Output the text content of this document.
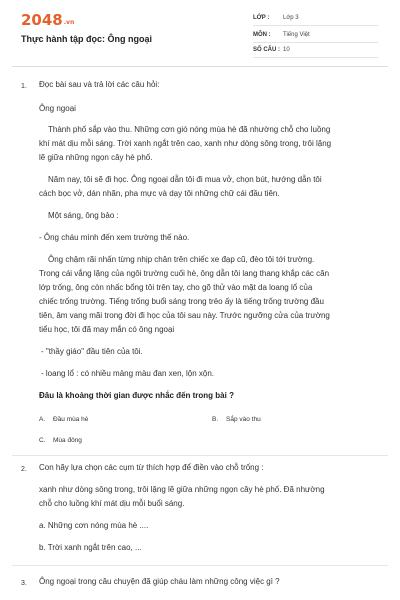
2048.vn
Thực hành tập đọc: Ông ngoại
LỚP : Lớp 3
MÔN : Tiếng Việt
SỐ CÂU : 10
1. Đọc bài sau và trả lời các câu hỏi:
Ông ngoại
Thành phố sắp vào thu. Những cơn gió nóng mùa hè đã nhường chỗ cho luồng
khí mát dịu mỗi sáng. Trời xanh ngắt trên cao, xanh như dòng sông trong, trôi lặng
lẽ giữa những ngọn cây hè phố.
Năm nay, tôi sẽ đi học. Ông ngoại dẫn tôi đi mua vở, chọn bút, hướng dẫn tôi
cách bọc vở, dán nhãn, pha mực và dạy tôi những chữ cái đầu tiên.
Một sáng, ông bảo :
- Ông cháu mình đến xem trường thế nào.
Ông chậm rãi nhấn từng nhịp chân trên chiếc xe đạp cũ, đèo tôi tới trường.
Trong cái vắng lặng của ngôi trường cuối hè, ông dẫn tôi lang thang khắp các căn
lớp trống, ông còn nhấc bổng tôi trên tay, cho gõ thử vào mặt da loang lổ của
chiếc trống trường. Tiếng trống buổi sáng trong trẻo ấy là tiếng trống trường đầu
tiên, âm vang mãi trong đời đi học của tôi sau này. Trước ngưỡng cửa của trường
tiểu học, tôi đã may mắn có ông ngoại
- "thầy giáo" đầu tiên của tôi.
- loang lổ : có nhiều mảng màu đan xen, lộn xộn.
Đâu là khoảng thời gian được nhắc đến trong bài ?
A. Đầu mùa hè	B. Sắp vào thu
C. Mùa đông
2. Con hãy lựa chọn các cụm từ thích hợp để điền vào chỗ trống :
xanh như dòng sông trong, trôi lặng lẽ giữa những ngọn cây hè phố. Đã nhường
chỗ cho luồng khí mát dịu mỗi buổi sáng.
a. Những cơn nóng mùa hè ....
b. Trời xanh ngắt trên cao, ...
3. Ông ngoại trong câu chuyện đã giúp cháu làm những công việc gì ?
